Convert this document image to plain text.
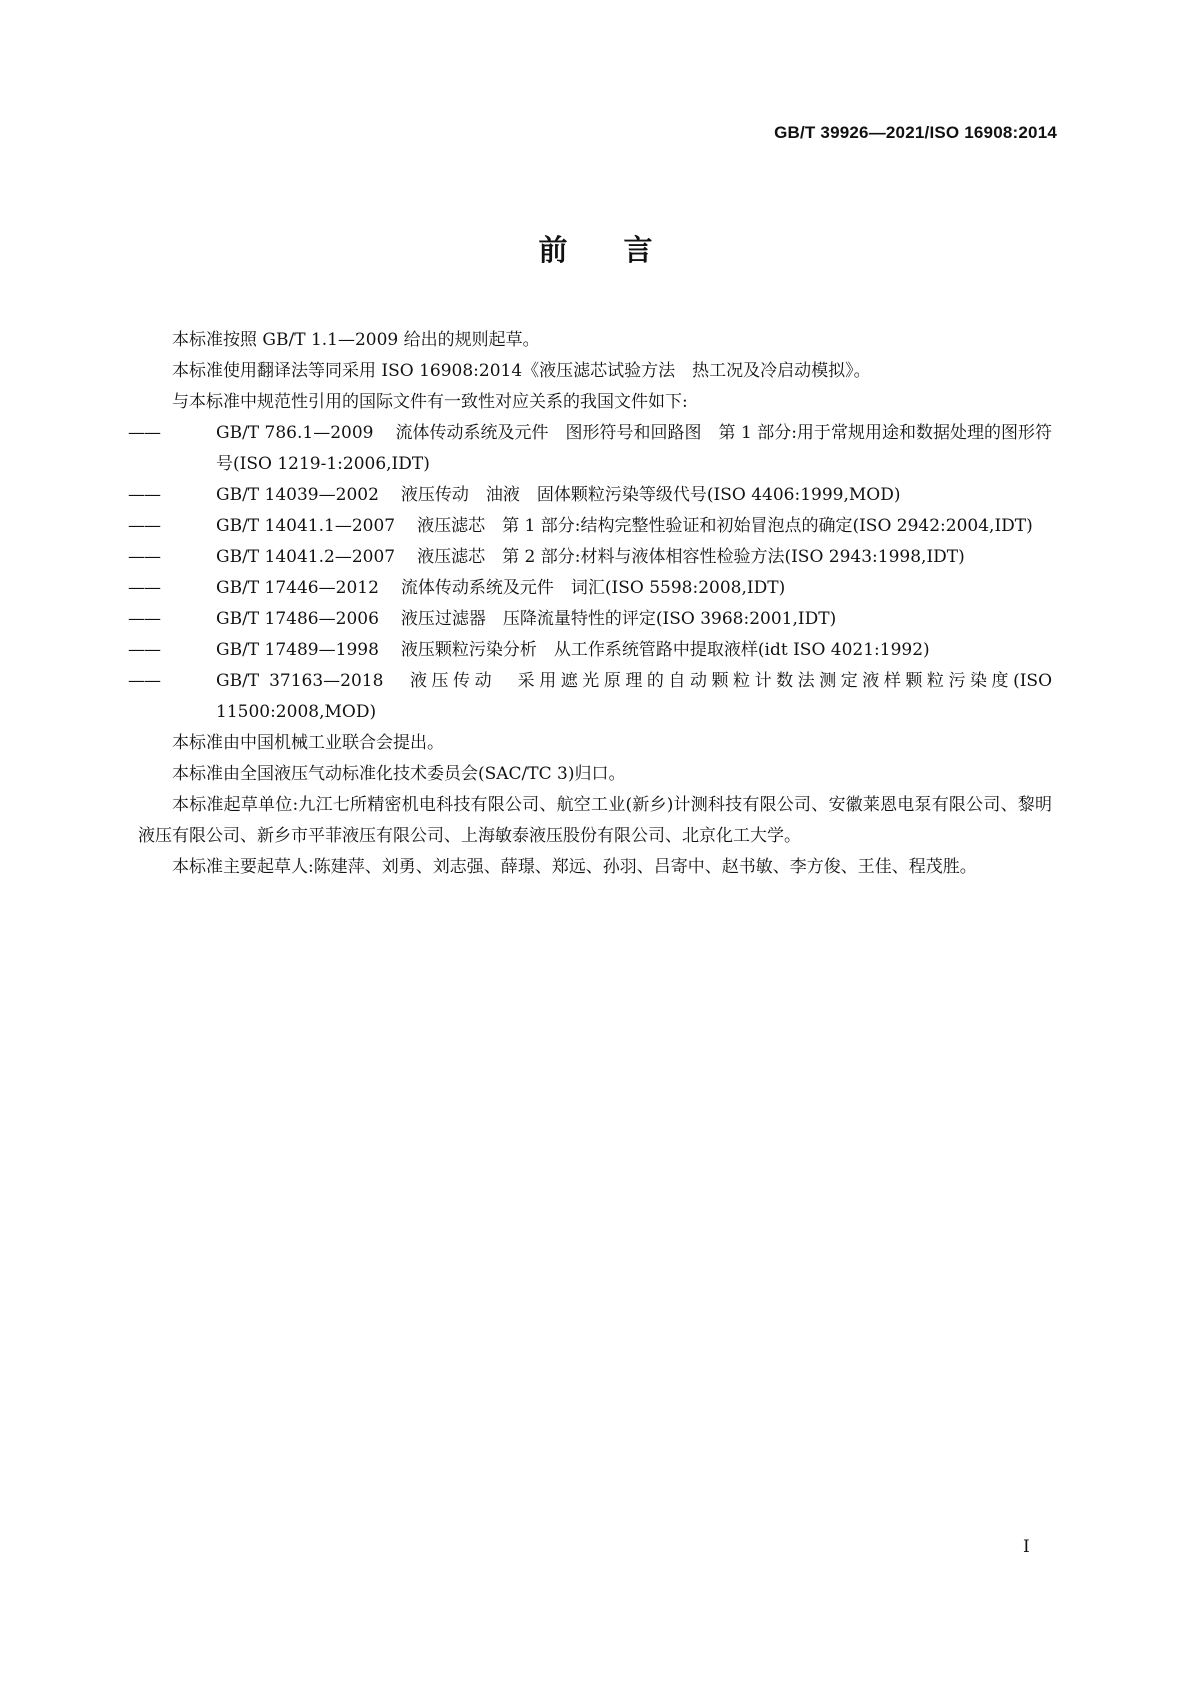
GB/T 39926—2021/ISO 16908:2014
前 言

本标准按照 GB/T 1.1—2009 给出的规则起草。

本标准使用翻译法等同采用 ISO 16908:2014《液压滤芯试验方法　热工况及冷启动模拟》。

与本标准中规范性引用的国际文件有一致性对应关系的我国文件如下:

——	GB/T 786.1—2009 流体传动系统及元件　图形符号和回路图　第 1 部分:用于常规用途和数据处理的图形符号(ISO 1219-1:2006,IDT)

——	GB/T 14039—2002 液压传动　油液　固体颗粒污染等级代号(ISO 4406:1999,MOD)

——	GB/T 14041.1—2007 液压滤芯　第 1 部分:结构完整性验证和初始冒泡点的确定(ISO 2942:2004,IDT)

——	GB/T 14041.2—2007 液压滤芯　第 2 部分:材料与液体相容性检验方法(ISO 2943:1998,IDT)

——	GB/T 17446—2012 流体传动系统及元件　词汇(ISO 5598:2008,IDT)

——	GB/T 17486—2006 液压过滤器　压降流量特性的评定(ISO 3968:2001,IDT)

——	GB/T 17489—1998 液压颗粒污染分析　从工作系统管路中提取液样(idt ISO 4021:1992)

——	GB/T 37163—2018 液压传动　采用遮光原理的自动颗粒计数法测定液样颗粒污染度(ISO 11500:2008,MOD)

本标准由中国机械工业联合会提出。

本标准由全国液压气动标准化技术委员会(SAC/TC 3)归口。

本标准起草单位:九江七所精密机电科技有限公司、航空工业(新乡)计测科技有限公司、安徽莱恩电泵有限公司、黎明液压有限公司、新乡市平菲液压有限公司、上海敏泰液压股份有限公司、北京化工大学。

本标准主要起草人:陈建萍、刘勇、刘志强、薛璟、郑远、孙羽、吕寄中、赵书敏、李方俊、王佳、程茂胜。

I
